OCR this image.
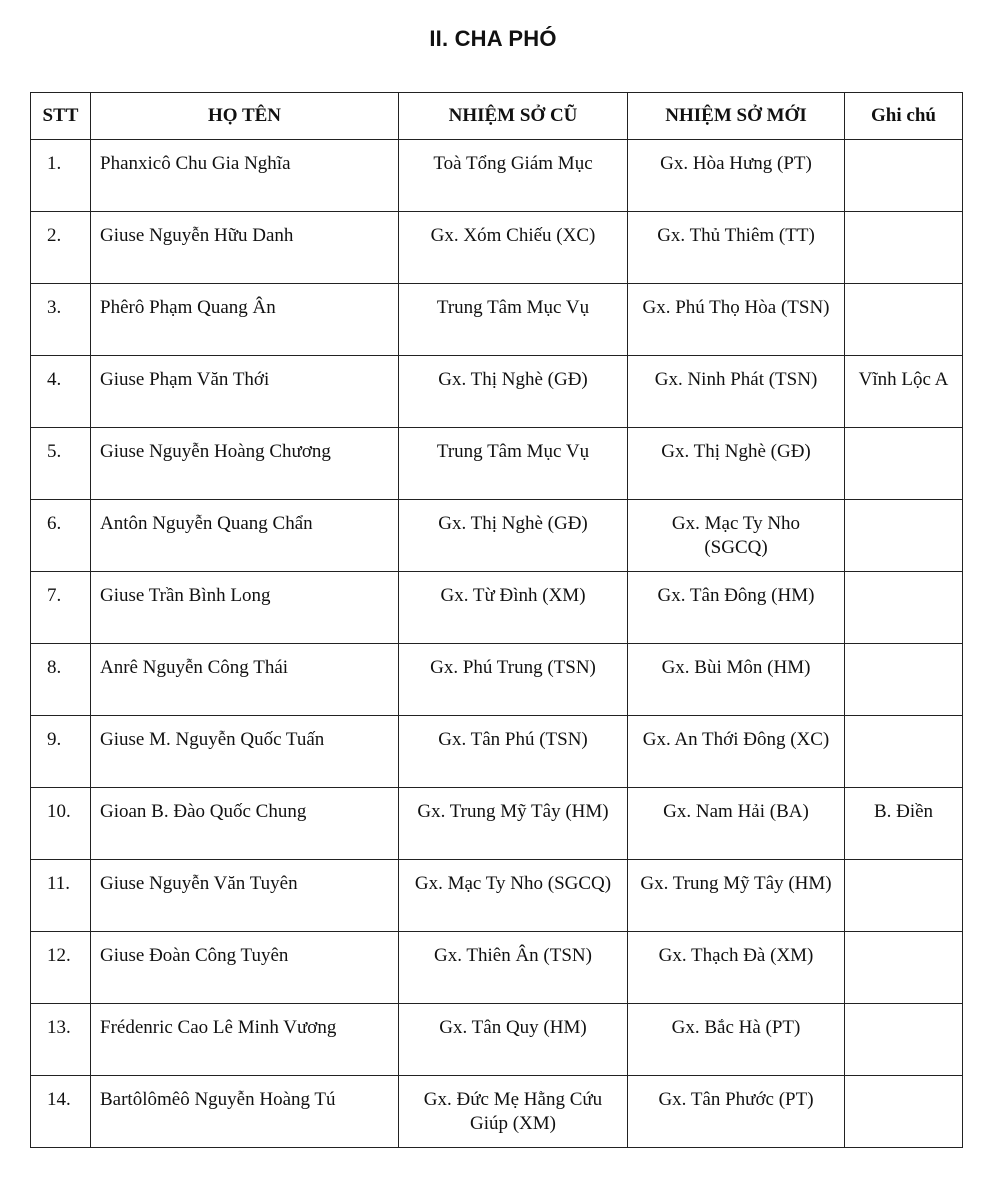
II. CHA PHÓ
STT	HỌ TÊN	NHIỆM SỞ CŨ	NHIỆM SỞ MỚI	Ghi chú
1.	Phanxicô Chu Gia Nghĩa	Toà Tổng Giám Mục	Gx. Hòa Hưng (PT)	
2.	Giuse Nguyễn Hữu Danh	Gx. Xóm Chiếu (XC)	Gx. Thủ Thiêm (TT)	
3.	Phêrô Phạm Quang Ân	Trung Tâm Mục Vụ	Gx. Phú Thọ Hòa (TSN)	
4.	Giuse Phạm Văn Thới	Gx. Thị Nghè (GĐ)	Gx. Ninh Phát (TSN)	Vĩnh Lộc A
5.	Giuse Nguyễn Hoàng Chương	Trung Tâm Mục Vụ	Gx. Thị Nghè (GĐ)	
6.	Antôn Nguyễn Quang Chẩn	Gx. Thị Nghè (GĐ)	Gx. Mạc Ty Nho (SGCQ)	
7.	Giuse Trần Bình Long	Gx. Từ Đình (XM)	Gx. Tân Đông (HM)	
8.	Anrê Nguyễn Công Thái	Gx. Phú Trung (TSN)	Gx. Bùi Môn (HM)	
9.	Giuse M. Nguyễn Quốc Tuấn	Gx. Tân Phú (TSN)	Gx. An Thới Đông (XC)	
10.	Gioan B. Đào Quốc Chung	Gx. Trung Mỹ Tây (HM)	Gx. Nam Hải (BA)	B. Điền
11.	Giuse Nguyễn Văn Tuyên	Gx. Mạc Ty Nho (SGCQ)	Gx. Trung Mỹ Tây (HM)	
12.	Giuse Đoàn Công Tuyên	Gx. Thiên Ân (TSN)	Gx. Thạch Đà (XM)	
13.	Frédenric Cao Lê Minh Vương	Gx. Tân Quy (HM)	Gx. Bắc Hà (PT)	
14.	Bartôlômêô Nguyễn Hoàng Tú	Gx. Đức Mẹ Hằng Cứu Giúp (XM)	Gx. Tân Phước (PT)	
